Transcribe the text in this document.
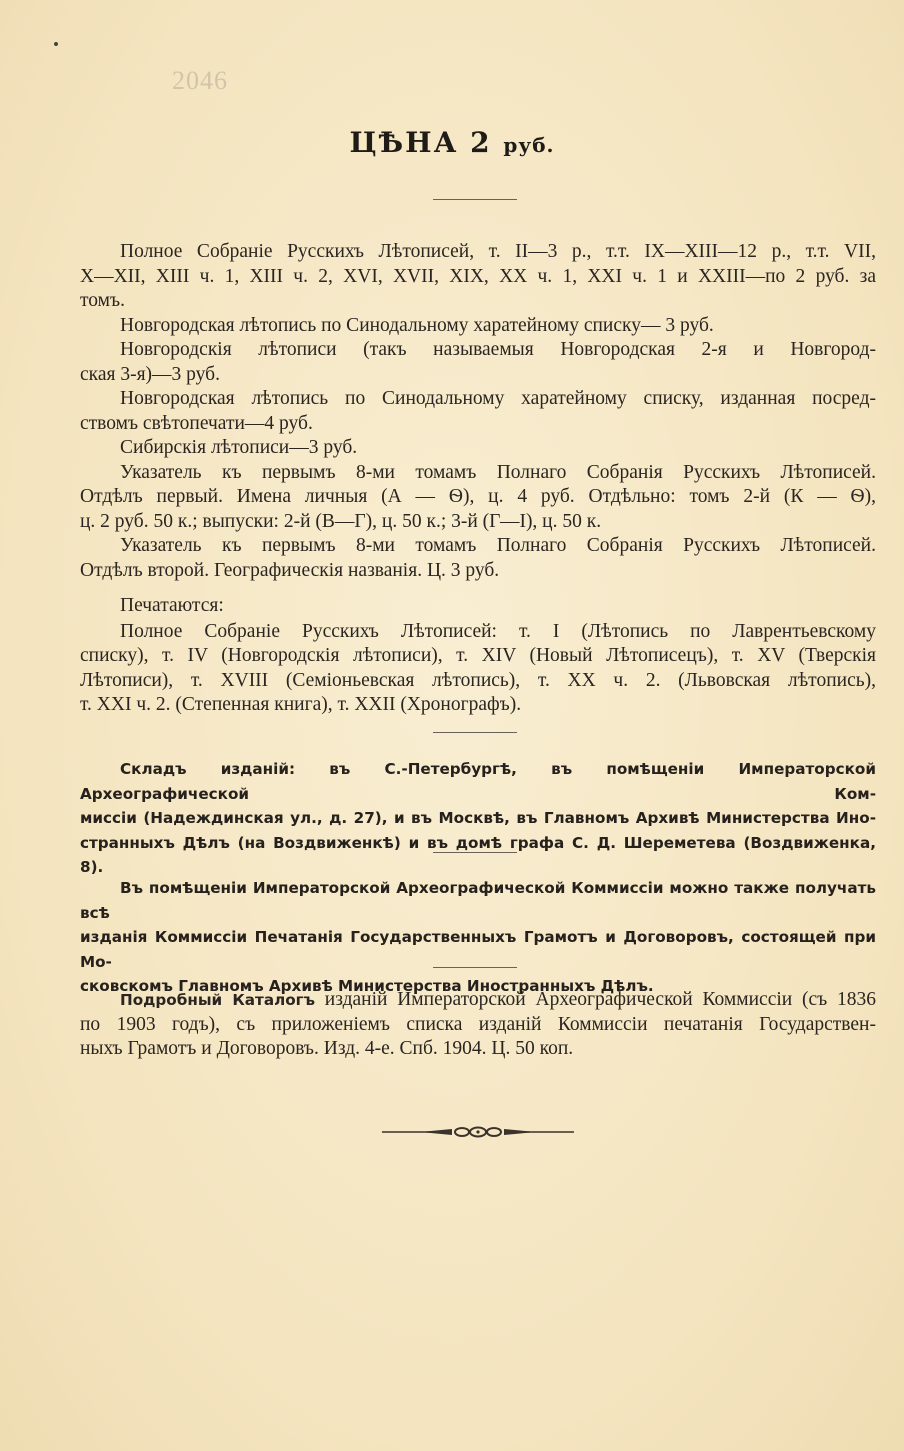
2046
ЦѢНА 2 руб.

Полное Собраніе Русскихъ Лѣтописей, т. II—3 р., т.т. IX—XIII—12 р., т.т. VII,
X—XII, XIII ч. 1, XIII ч. 2, XVI, XVII, XIX, XX ч. 1, XXI ч. 1 и XXIII—по 2 руб. за
томъ.

Новгородская лѣтопись по Синодальному харатейному списку— 3 руб.

Новгородскія лѣтописи (такъ называемыя Новгородская 2-я и Новгород-
ская 3-я)—3 руб.

Новгородская лѣтопись по Синодальному харатейному списку, изданная посред-
ствомъ свѣтопечати—4 руб.

Сибирскія лѣтописи—3 руб.

Указатель къ первымъ 8-ми томамъ Полнаго Собранія Русскихъ Лѣтописей.
Отдѣлъ первый. Имена личныя (А — Ѳ), ц. 4 руб. Отдѣльно: томъ 2-й (К — Ѳ),
ц. 2 руб. 50 к.; выпуски: 2-й (В—Г), ц. 50 к.; 3-й (Г—І), ц. 50 к.

Указатель къ первымъ 8-ми томамъ Полнаго Собранія Русскихъ Лѣтописей.
Отдѣлъ второй. Географическія названія. Ц. 3 руб.

Печатаются:

Полное Собраніе Русскихъ Лѣтописей: т. I (Лѣтопись по Лаврентьевскому
списку), т. IV (Новгородскія лѣтописи), т. XIV (Новый Лѣтописецъ), т. XV (Тверскія
Лѣтописи), т. XVIII (Семіоньевская лѣтопись), т. XX ч. 2. (Львовская лѣтопись),
т. XXI ч. 2. (Степенная книга), т. XXII (Хронографъ).

Складъ изданій: въ С.-Петербургѣ, въ помѣщеніи Императорской Археографической Ком-
миссіи (Надеждинская ул., д. 27), и въ Москвѣ, въ Главномъ Архивѣ Министерства Ино-
странныхъ Дѣлъ (на Воздвиженкѣ) и въ домѣ графа С. Д. Шереметева (Воздвиженка, 8).

Въ помѣщеніи Императорской Археографической Коммиссіи можно также получать всѣ
изданія Коммиссіи Печатанія Государственныхъ Грамотъ и Договоровъ, состоящей при Мо-
сковскомъ Главномъ Архивѣ Министерства Иностранныхъ Дѣлъ.

Подробный Каталогъ изданій Императорской Археографической Коммиссіи (съ 1836
по 1903 годъ), съ приложеніемъ списка изданій Коммиссіи печатанія Государствен-
ныхъ Грамотъ и Договоровъ. Изд. 4-е. Спб. 1904. Ц. 50 коп.
